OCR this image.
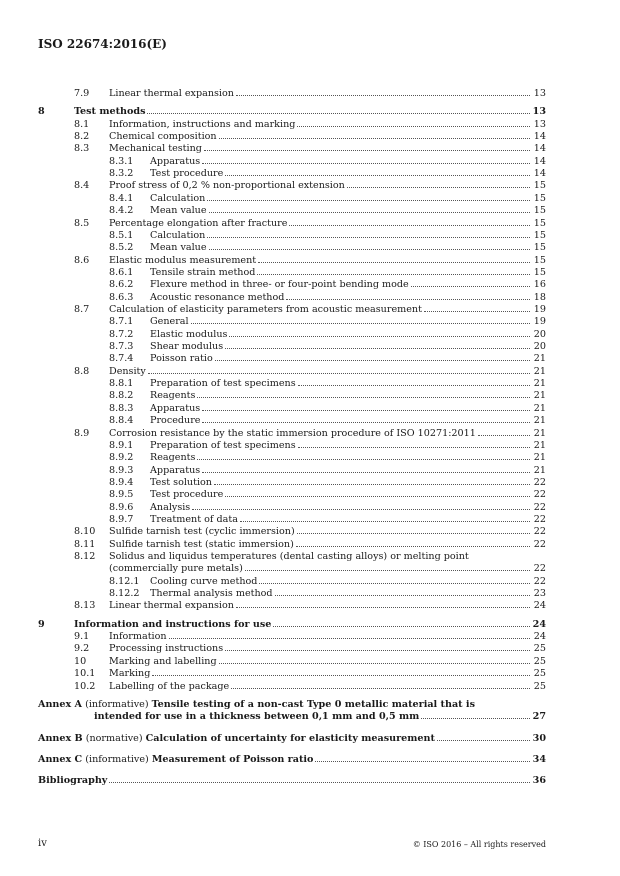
ISO 22674:2016(E)
7.9 Linear thermal expansion	13
8	Test methods	13
8.1 Information, instructions and marking	13
8.2 Chemical composition	14
8.3 Mechanical testing	14
8.3.1 Apparatus	14
8.3.2 Test procedure	14
8.4 Proof stress of 0,2 % non-proportional extension	15
8.4.1 Calculation	15
8.4.2 Mean value	15
8.5 Percentage elongation after fracture	15
8.5.1 Calculation	15
8.5.2 Mean value	15
8.6 Elastic modulus measurement	15
8.6.1 Tensile strain method	15
8.6.2 Flexure method in three- or four-point bending mode	16
8.6.3 Acoustic resonance method	18
8.7 Calculation of elasticity parameters from acoustic measurement	19
8.7.1 General	19
8.7.2 Elastic modulus	20
8.7.3 Shear modulus	20
8.7.4 Poisson ratio	21
8.8 Density	21
8.8.1 Preparation of test specimens	21
8.8.2 Reagents	21
8.8.3 Apparatus	21
8.8.4 Procedure	21
8.9 Corrosion resistance by the static immersion procedure of ISO 10271:2011	21
8.9.1 Preparation of test specimens	21
8.9.2 Reagents	21
8.9.3 Apparatus	21
8.9.4 Test solution	22
8.9.5 Test procedure	22
8.9.6 Analysis	22
8.9.7 Treatment of data	22
8.10 Sulfide tarnish test (cyclic immersion)	22
8.11 Sulfide tarnish test (static immersion)	22
8.12 Solidus and liquidus temperatures (dental casting alloys) or melting point
(commercially pure metals)	22
8.12.1 Cooling curve method	22
8.12.2 Thermal analysis method	23
8.13 Linear thermal expansion	24
9	Information and instructions for use	24
9.1 Information	24
9.2 Processing instructions	25
10 Marking and labelling	25
10.1 Marking	25
10.2 Labelling of the package	25
Annex A
(informative)
Tensile testing of a non-cast Type 0 metallic material that is
intended for use in a thickness between 0,1 mm and 0,5 mm	27
Annex B
(normative)
Calculation of uncertainty for elasticity measurement	30
Annex C
(informative)
Measurement of Poisson ratio	34
Bibliography	36
iv	© ISO 2016 – All rights reserved
